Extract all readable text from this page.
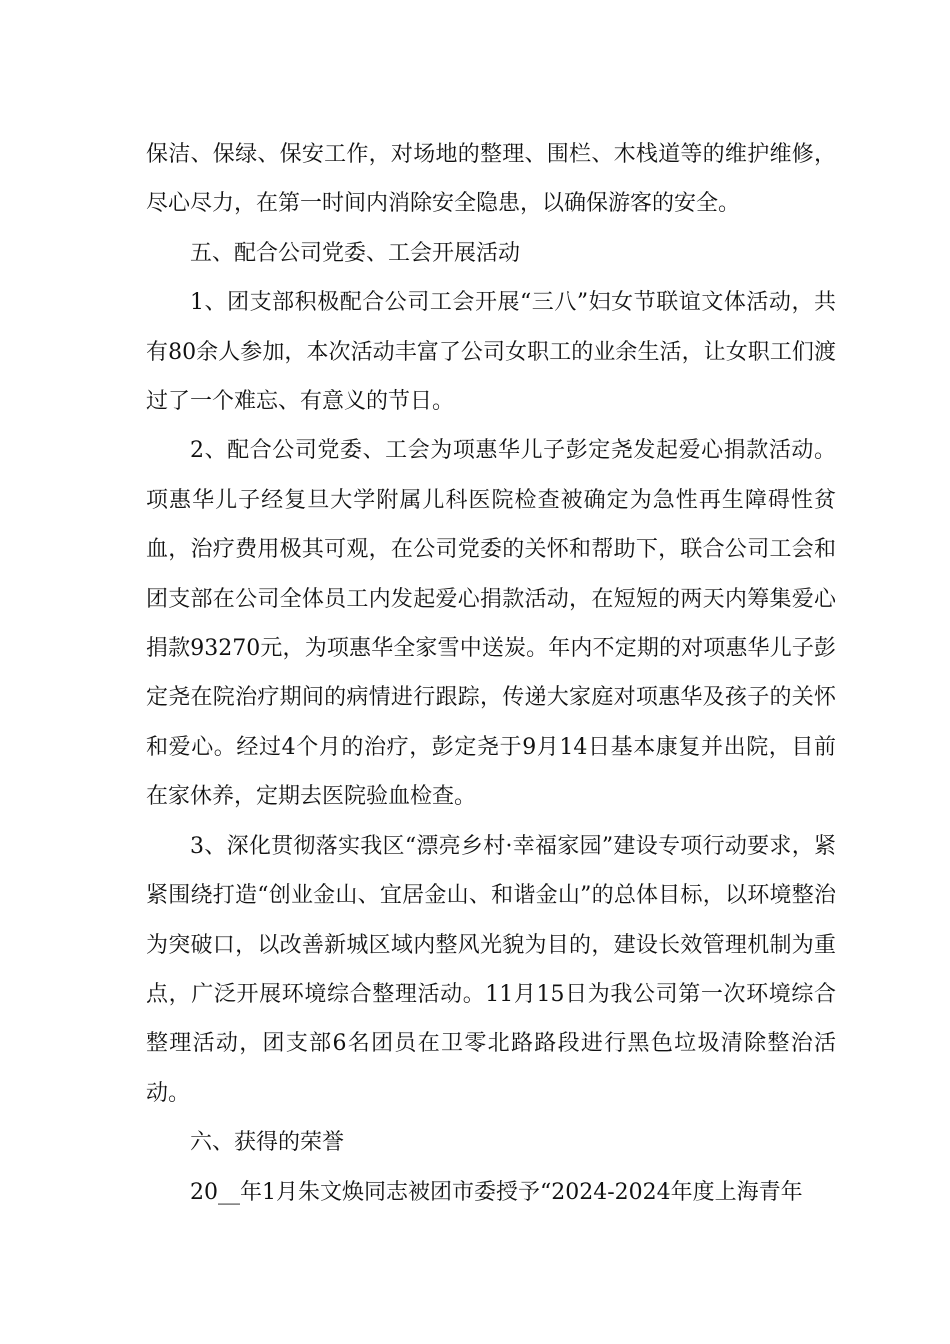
保洁、保绿、保安工作，对场地的整理、围栏、木栈道等的维护维修，尽心尽力，在第一时间内消除安全隐患，以确保游客的安全。

五、配合公司党委、工会开展活动

1、团支部积极配合公司工会开展“三八”妇女节联谊文体活动，共有80余人参加，本次活动丰富了公司女职工的业余生活，让女职工们渡过了一个难忘、有意义的节日。

2、配合公司党委、工会为项惠华儿子彭定尧发起爱心捐款活动。项惠华儿子经复旦大学附属儿科医院检查被确定为急性再生障碍性贫血，治疗费用极其可观，在公司党委的关怀和帮助下，联合公司工会和团支部在公司全体员工内发起爱心捐款活动，在短短的两天内筹集爱心捐款93270元，为项惠华全家雪中送炭。年内不定期的对项惠华儿子彭定尧在院治疗期间的病情进行跟踪，传递大家庭对项惠华及孩子的关怀和爱心。经过4个月的治疗，彭定尧于9月14日基本康复并出院，目前在家休养，定期去医院验血检查。

3、深化贯彻落实我区“漂亮乡村·幸福家园”建设专项行动要求，紧紧围绕打造“创业金山、宜居金山、和谐金山”的总体目标，以环境整治为突破口，以改善新城区域内整风光貌为目的，建设长效管理机制为重点，广泛开展环境综合整理活动。11月15日为我公司第一次环境综合整理活动，团支部6名团员在卫零北路路段进行黑色垃圾清除整治活动。

六、获得的荣誉

20__年1月朱文焕同志被团市委授予“2024-2024年度上海青年
